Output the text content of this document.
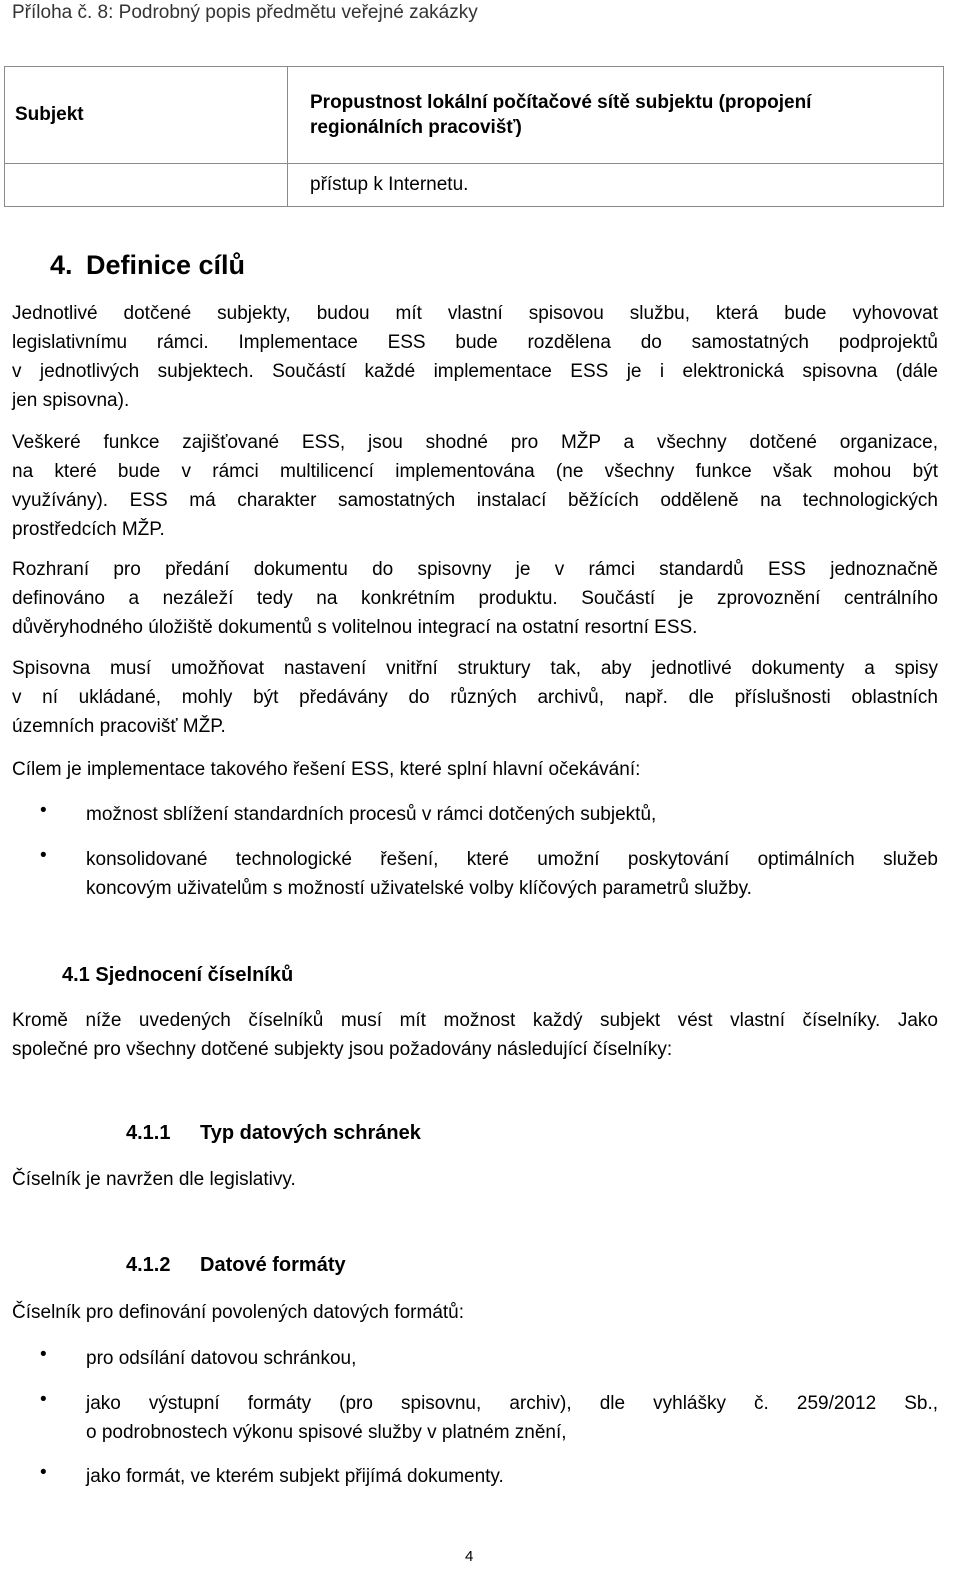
Příloha č. 8: Podrobný popis předmětu veřejné zakázky
Subjekt	Propustnost lokální počítačové sítě subjektu (propojení
regionálních pracovišť)

	přístup k Internetu.
4. Definice cílů
Jednotlivé dotčené subjekty, budou mít vlastní spisovou službu, která bude vyhovovat
legislativnímu rámci. Implementace ESS bude rozdělena do samostatných podprojektů
v jednotlivých subjektech. Součástí každé implementace ESS je i elektronická spisovna (dále
jen spisovna).
Veškeré funkce zajišťované ESS, jsou shodné pro MŽP a všechny dotčené organizace,
na které bude v rámci multilicencí implementována (ne všechny funkce však mohou být
využívány). ESS má charakter samostatných instalací běžících odděleně na technologických
prostředcích MŽP.
Rozhraní pro předání dokumentu do spisovny je v rámci standardů ESS jednoznačně
definováno a nezáleží tedy na konkrétním produktu. Součástí je zprovoznění centrálního
důvěryhodného úložiště dokumentů s volitelnou integrací na ostatní resortní ESS.
Spisovna musí umožňovat nastavení vnitřní struktury tak, aby jednotlivé dokumenty a spisy
v ní ukládané, mohly být předávány do různých archivů, např. dle příslušnosti oblastních
územních pracovišť MŽP.
Cílem je implementace takového řešení ESS, které splní hlavní očekávání:
• možnost sblížení standardních procesů v rámci dotčených subjektů,
• konsolidované technologické řešení, které umožní poskytování optimálních služeb
koncovým uživatelům s možností uživatelské volby klíčových parametrů služby.
4.1 Sjednocení číselníků
Kromě níže uvedených číselníků musí mít možnost každý subjekt vést vlastní číselníky. Jako
společné pro všechny dotčené subjekty jsou požadovány následující číselníky:
4.1.1 Typ datových schránek
Číselník je navržen dle legislativy.
4.1.2 Datové formáty
Číselník pro definování povolených datových formátů:
• pro odsílání datovou schránkou,
• jako výstupní formáty (pro spisovnu, archiv), dle vyhlášky č. 259/2012 Sb.,
o podrobnostech výkonu spisové služby v platném znění,
• jako formát, ve kterém subjekt přijímá dokumenty.
4
